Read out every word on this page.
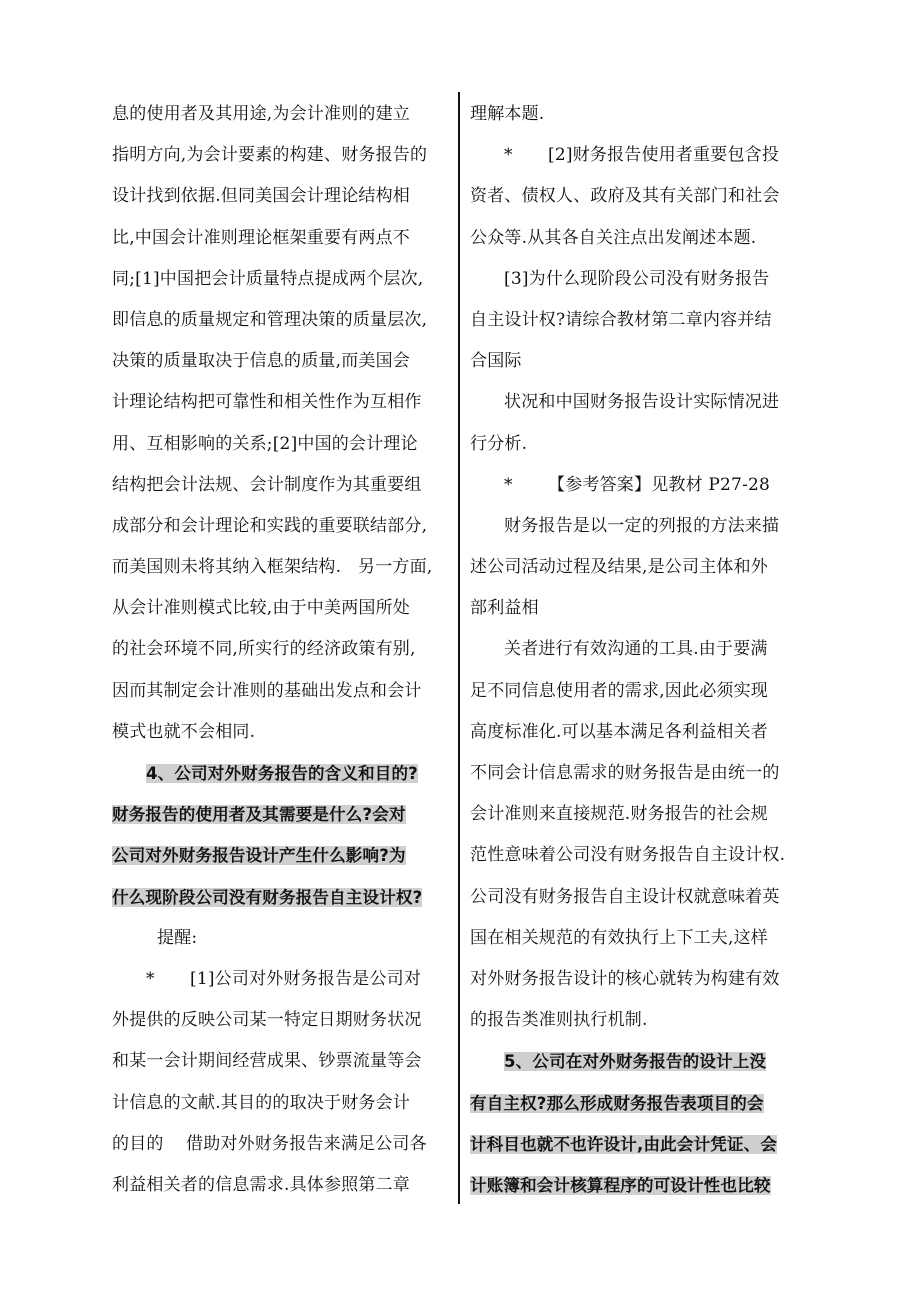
息的使用者及其用途,为会计准则的建立
指明方向,为会计要素的构建、财务报告的
设计找到依据.但同美国会计理论结构相
比,中国会计准则理论框架重要有两点不
同;[1]中国把会计质量特点提成两个层次,
即信息的质量规定和管理决策的质量层次,
决策的质量取决于信息的质量,而美国会
计理论结构把可靠性和相关性作为互相作
用、互相影响的关系;[2]中国的会计理论
结构把会计法规、会计制度作为其重要组
成部分和会计理论和实践的重要联结部分,
而美国则未将其纳入框架结构.   另一方面,
从会计准则模式比较,由于中美两国所处
的社会环境不同,所实行的经济政策有别,
因而其制定会计准则的基础出发点和会计
模式也就不会相同.
4、公司对外财务报告的含义和目的?
财务报告的使用者及其需要是什么?会对
公司对外财务报告设计产生什么影响?为
什么现阶段公司没有财务报告自主设计权?
提醒:
* [1]公司对外财务报告是公司对
外提供的反映公司某一特定日期财务状况
和某一会计期间经营成果、钞票流量等会
计信息的文献.其目的的取决于财务会计
的目的    借助对外财务报告来满足公司各
利益相关者的信息需求.具体参照第二章
理解本题.
* [2]财务报告使用者重要包含投
资者、债权人、政府及其有关部门和社会
公众等.从其各自关注点出发阐述本题.
[3]为什么现阶段公司没有财务报告
自主设计权?请综合教材第二章内容并结
合国际
状况和中国财务报告设计实际情况进
行分析.
* 【参考答案】见教材 P27-28
财务报告是以一定的列报的方法来描
述公司活动过程及结果,是公司主体和外
部利益相
关者进行有效沟通的工具.由于要满
足不同信息使用者的需求,因此必须实现
高度标准化.可以基本满足各利益相关者
不同会计信息需求的财务报告是由统一的
会计准则来直接规范.财务报告的社会规
范性意味着公司没有财务报告自主设计权.
公司没有财务报告自主设计权就意味着英
国在相关规范的有效执行上下工夫,这样
对外财务报告设计的核心就转为构建有效
的报告类准则执行机制.
5、公司在对外财务报告的设计上没
有自主权?那么形成财务报告表项目的会
计科目也就不也许设计,由此会计凭证、会
计账簿和会计核算程序的可设计性也比较
